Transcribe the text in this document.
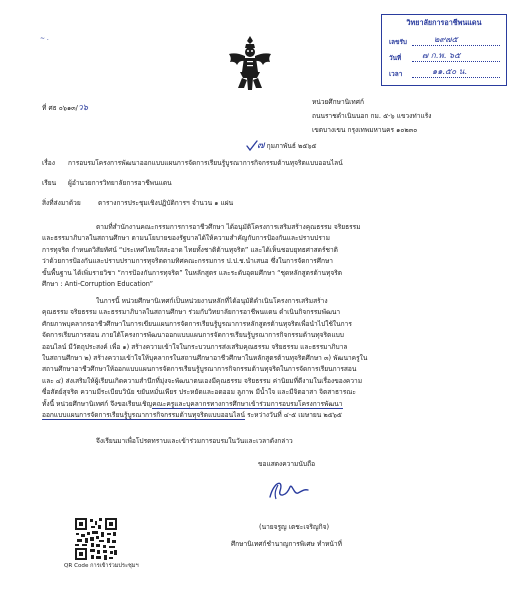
~ .
วิทยาลัยการอาชีพนแดน
เลขรับ	๒๙๗๕
วันที่	๗ ก.พ. ๖๕
เวลา	๑๑.๕๐ น.
ที่ ศธ ๐๖๑๓/ว๖
หน่วยศึกษานิเทศก์
ถนนราชดำเนินนอก กม. ๕-๖ แขวงท่าแร้ง
เขตบางเขน กรุงเทพมหานคร ๑๐๒๓๐
๗ กุมภาพันธ์ ๒๕๖๕
เรื่อง การอบรมโครงการพัฒนาออกแบบแผนการจัดการเรียนรู้บูรณาการกิจกรรมต้านทุจริตแบบออนไลน์
เรียน ผู้อำนวยการวิทยาลัยการอาชีพนแดน
สิ่งที่ส่งมาด้วย	ตารางการประชุมเชิงปฏิบัติการฯ จำนวน ๑ แผ่น
ตามที่สำนักงานคณะกรรมการการอาชีวศึกษา ได้อนุมัติโครงการเสริมสร้างคุณธรรม จริยธรรม
และธรรมาภิบาลในสถานศึกษา ตามนโยบายของรัฐบาลได้ให้ความสำคัญกับการป้องกันและปราบปราม
การทุจริต กำหนดวิสัยทัศน์ “ประเทศไทยใสสะอาด ไทยทั้งชาติต้านทุจริต” และได้เห็นชอบยุทธศาสตร์ชาติ
ว่าด้วยการป้องกันและปราบปรามการทุจริตตามทิศคณะกรรมการ ป.ป.ช.นำเสนอ ซึ่งในการจัดการศึกษา
ขั้นพื้นฐาน ได้เพิ่มรายวิชา “การป้องกันการทุจริต” ในหลักสูตร และระดับอุดมศึกษา “ชุดหลักสูตรต้านทุจริต
ศึกษา : Anti-Corruption Education”
ในการนี้ หน่วยศึกษานิเทศก์เป็นหน่วยงานหลักที่ได้อนุมัติดำเนินโครงการเสริมสร้าง
คุณธรรม จริยธรรม และธรรมาภิบาลในสถานศึกษา ร่วมกับวิทยาลัยการอาชีพนแดน ดำเนินกิจกรรมพัฒนา
ศักยภาพบุคลากรอาชีวศึกษาในการเขียนแผนการจัดการเรียนรู้บูรณาการหลักสูตรต้านทุจริตเพื่อนำไปใช้ในการ
จัดการเรียนการสอน ภายใต้โครงการพัฒนาออกแบบแผนการจัดการเรียนรู้บูรณาการกิจกรรมต้านทุจริตแบบ
ออนไลน์ มีวัตถุประสงค์ เพื่อ ๑) สร้างความเข้าใจในกระบวนการส่งเสริมคุณธรรม จริยธรรม และธรรมาภิบาล
ในสถานศึกษา ๒) สร้างความเข้าใจให้บุคลากรในสถานศึกษาอาชีวศึกษาในหลักสูตรต้านทุจริตศึกษา ๓) พัฒนาครูใน
สถานศึกษาอาชีวศึกษาให้ออกแบบแผนการจัดการเรียนรู้บูรณาการกิจกรรมต้านทุจริตในการจัดการเรียนการสอน
และ ๔) ส่งเสริมให้ผู้เรียนเกิดความสำนึกที่มุ่งจะพัฒนาตนเองมีคุณธรรม จริยธรรม ค่านิยมที่ดีงามในเรื่องของความ
ซื่อสัตย์สุจริต ความมีระเบียบวินัย ขยันหมั่นเพียร ประหยัดและอดออม ลูภาพ มีน้ำใจ และมีจิตอาสา จิตสาธารณะ
ทั้งนี้ หน่วยศึกษานิเทศก์ จึงขอเรียนเชิญคณะครูและบุคลากรทางการศึกษาเข้าร่วมการอบรมโครงการพัฒนา
ออกแบบแผนการจัดการเรียนรู้บูรณาการกิจกรรมต้านทุจริตแบบออนไลน์ ระหว่างวันที่ ๔-๕ เมษายน ๒๕๖๕
จึงเรียนมาเพื่อโปรดทราบและเข้าร่วมการอบรมในวันและเวลาดังกล่าว
ขอแสดงความนับถือ
(นายจรูญ เตชะเจริญกิจ)
ศึกษานิเทศก์ชำนาญการพิเศษ ทำหน้าที่
QR Code การเข้าร่วมประชุมฯ
